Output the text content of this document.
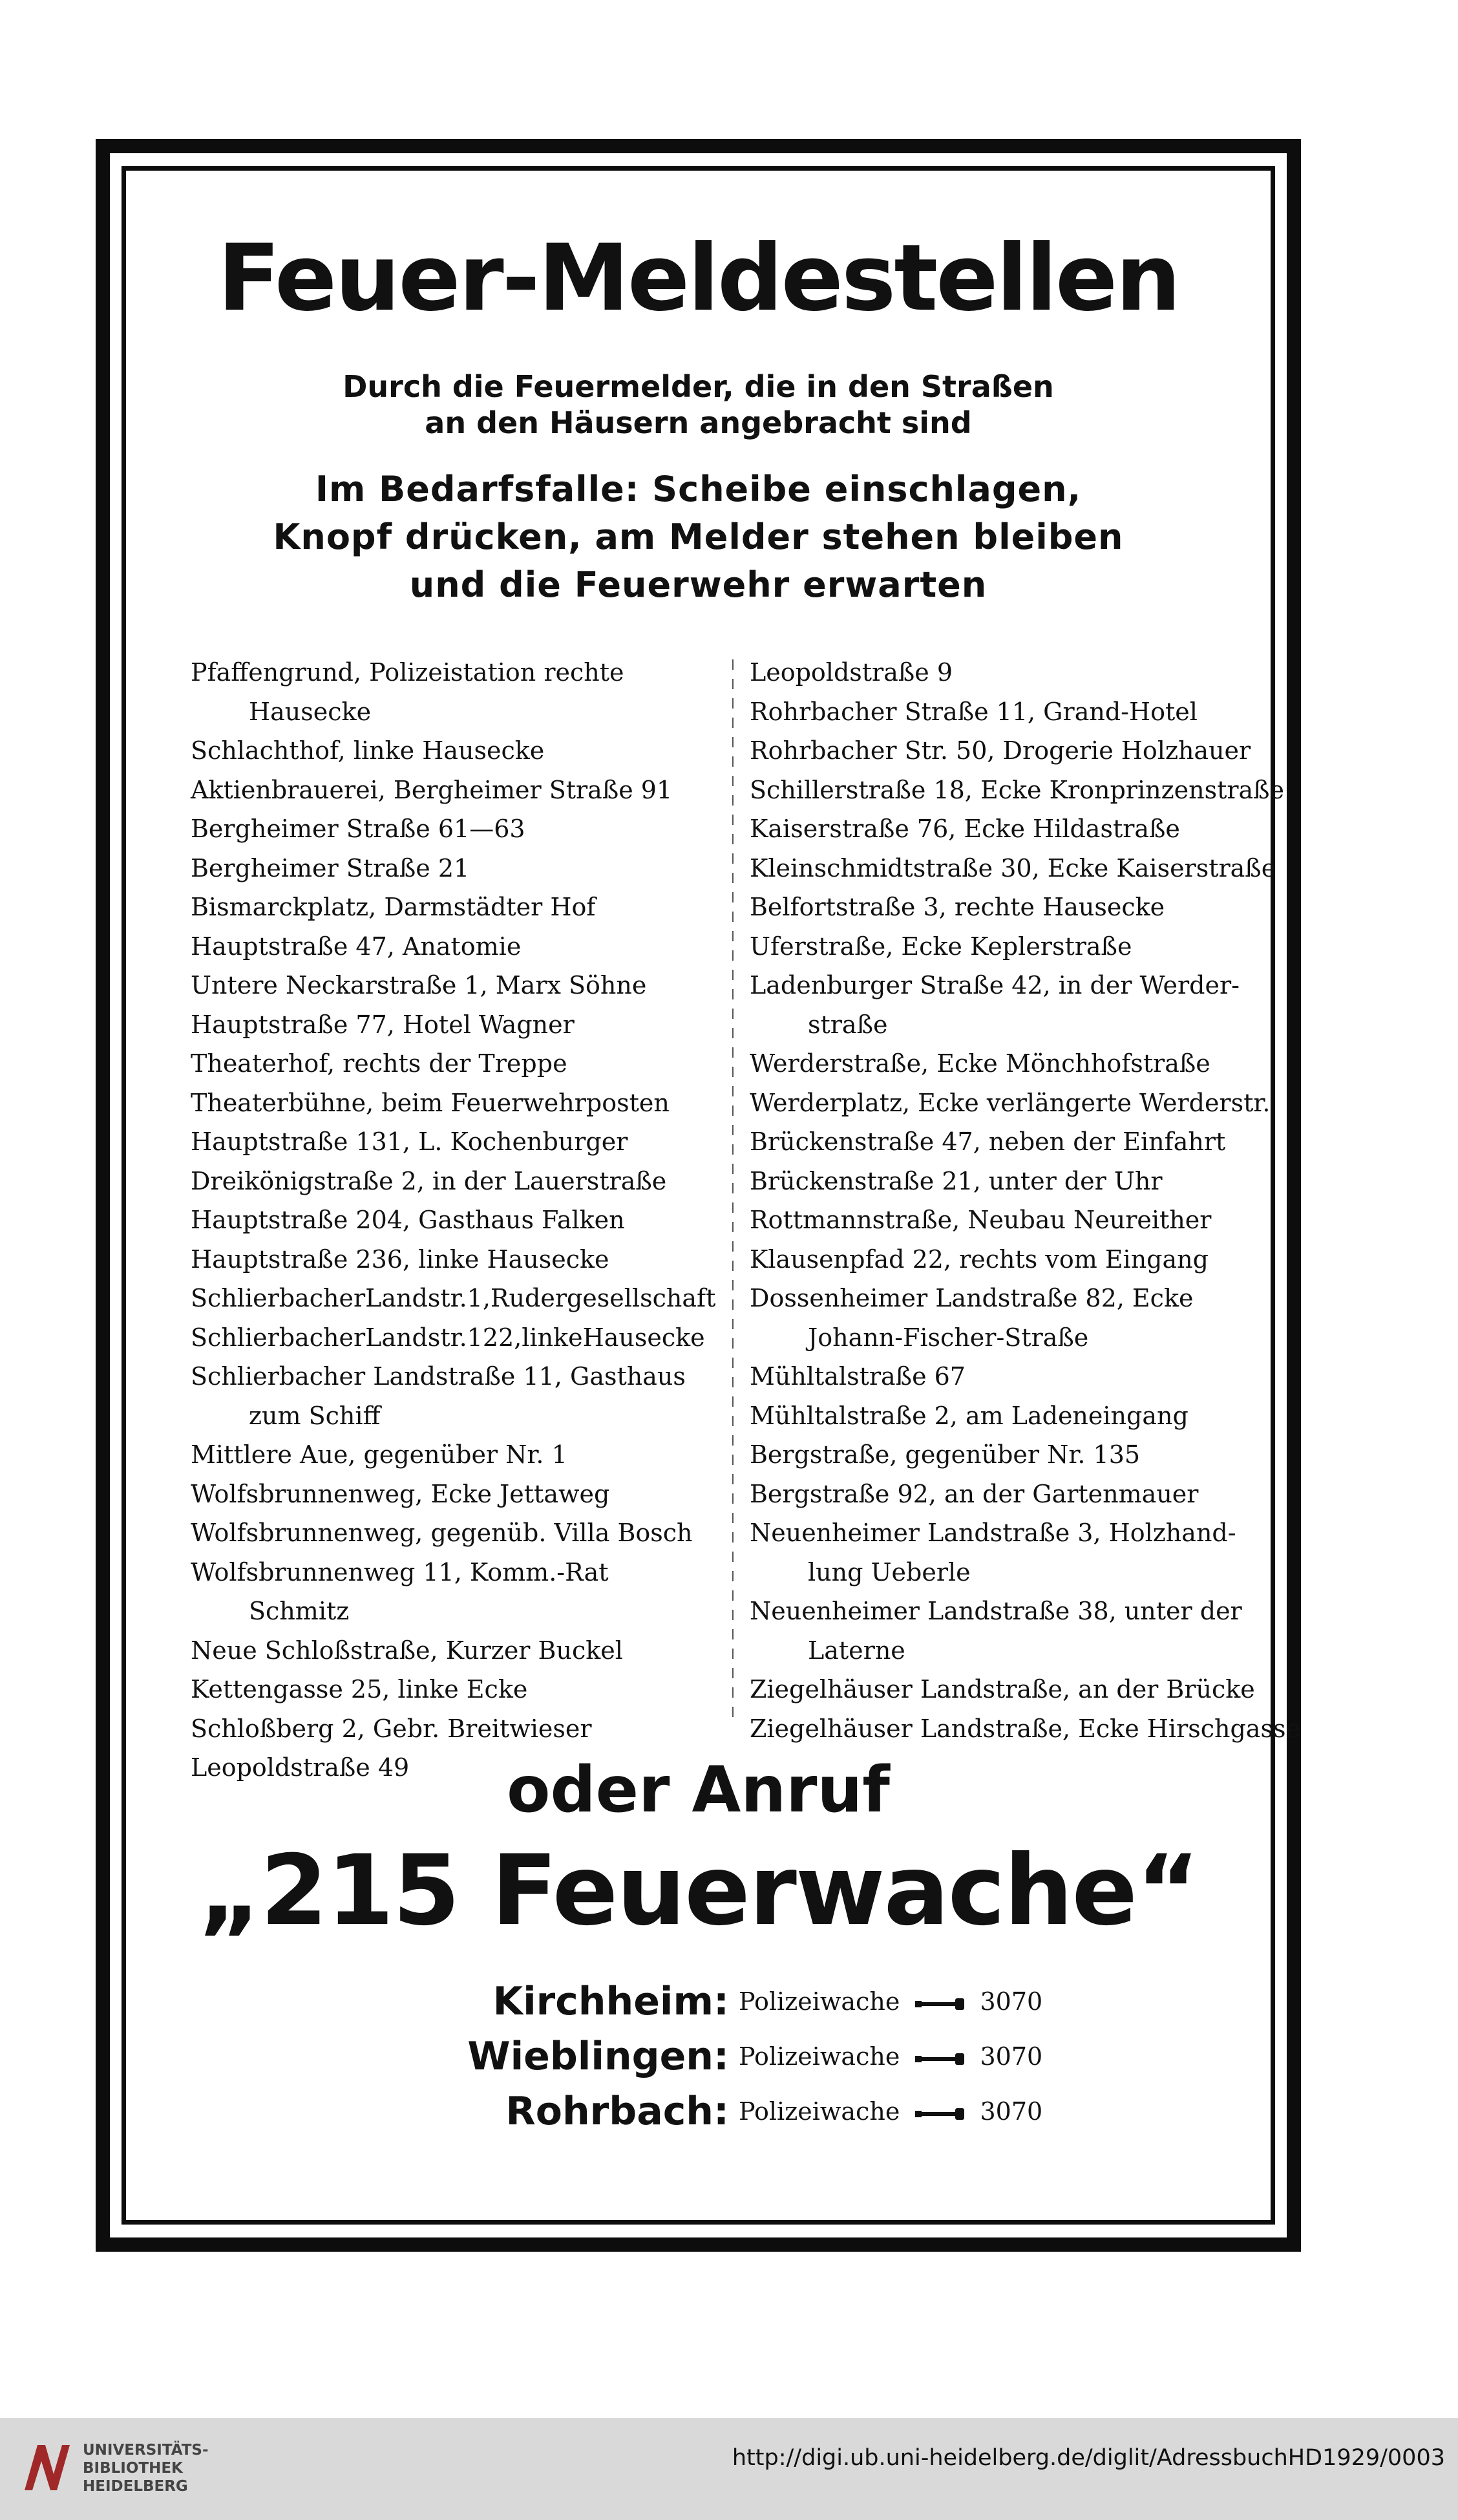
Feuer-Meldestellen
Durch die Feuermelder, die in den Straßen
an den Häusern angebracht sind
Im Bedarfsfalle: Scheibe einschlagen,
Knopf drücken, am Melder stehen bleiben
und die Feuerwehr erwarten
Pfaffengrund, Polizeistation rechte
Hausecke
Schlachthof, linke Hausecke
Aktienbrauerei, Bergheimer Straße 91
Bergheimer Straße 61—63
Bergheimer Straße 21
Bismarckplatz, Darmstädter Hof
Hauptstraße 47, Anatomie
Untere Neckarstraße 1, Marx Söhne
Hauptstraße 77, Hotel Wagner
Theaterhof, rechts der Treppe
Theaterbühne, beim Feuerwehrposten
Hauptstraße 131, L. Kochenburger
Dreikönigstraße 2, in der Lauerstraße
Hauptstraße 204, Gasthaus Falken
Hauptstraße 236, linke Hausecke
SchlierbacherLandstr.1,Rudergesellschaft
SchlierbacherLandstr.122,linkeHausecke
Schlierbacher Landstraße 11, Gasthaus
zum Schiff
Mittlere Aue, gegenüber Nr. 1
Wolfsbrunnenweg, Ecke Jettaweg
Wolfsbrunnenweg, gegenüb. Villa Bosch
Wolfsbrunnenweg 11, Komm.-Rat
Schmitz
Neue Schloßstraße, Kurzer Buckel
Kettengasse 25, linke Ecke
Schloßberg 2, Gebr. Breitwieser
Leopoldstraße 49
Leopoldstraße 9
Rohrbacher Straße 11, Grand-Hotel
Rohrbacher Str. 50, Drogerie Holzhauer
Schillerstraße 18, Ecke Kronprinzenstraße
Kaiserstraße 76, Ecke Hildastraße
Kleinschmidtstraße 30, Ecke Kaiserstraße
Belfortstraße 3, rechte Hausecke
Uferstraße, Ecke Keplerstraße
Ladenburger Straße 42, in der Werder-
straße
Werderstraße, Ecke Mönchhofstraße
Werderplatz, Ecke verlängerte Werderstr.
Brückenstraße 47, neben der Einfahrt
Brückenstraße 21, unter der Uhr
Rottmannstraße, Neubau Neureither
Klausenpfad 22, rechts vom Eingang
Dossenheimer Landstraße 82, Ecke
Johann-Fischer-Straße
Mühltalstraße 67
Mühltalstraße 2, am Ladeneingang
Bergstraße, gegenüber Nr. 135
Bergstraße 92, an der Gartenmauer
Neuenheimer Landstraße 3, Holzhand-
lung Ueberle
Neuenheimer Landstraße 38, unter der
Laterne
Ziegelhäuser Landstraße, an der Brücke
Ziegelhäuser Landstraße, Ecke Hirschgasse
oder Anruf
„215 Feuerwache“
Kirchheim: Polizeiwache	3070
Wieblingen: Polizeiwache	3070
Rohrbach: Polizeiwache	3070
UNIVERSITÄTS-
BIBLIOTHEK
HEIDELBERG
http://digi.ub.uni-heidelberg.de/diglit/AdressbuchHD1929/0003
